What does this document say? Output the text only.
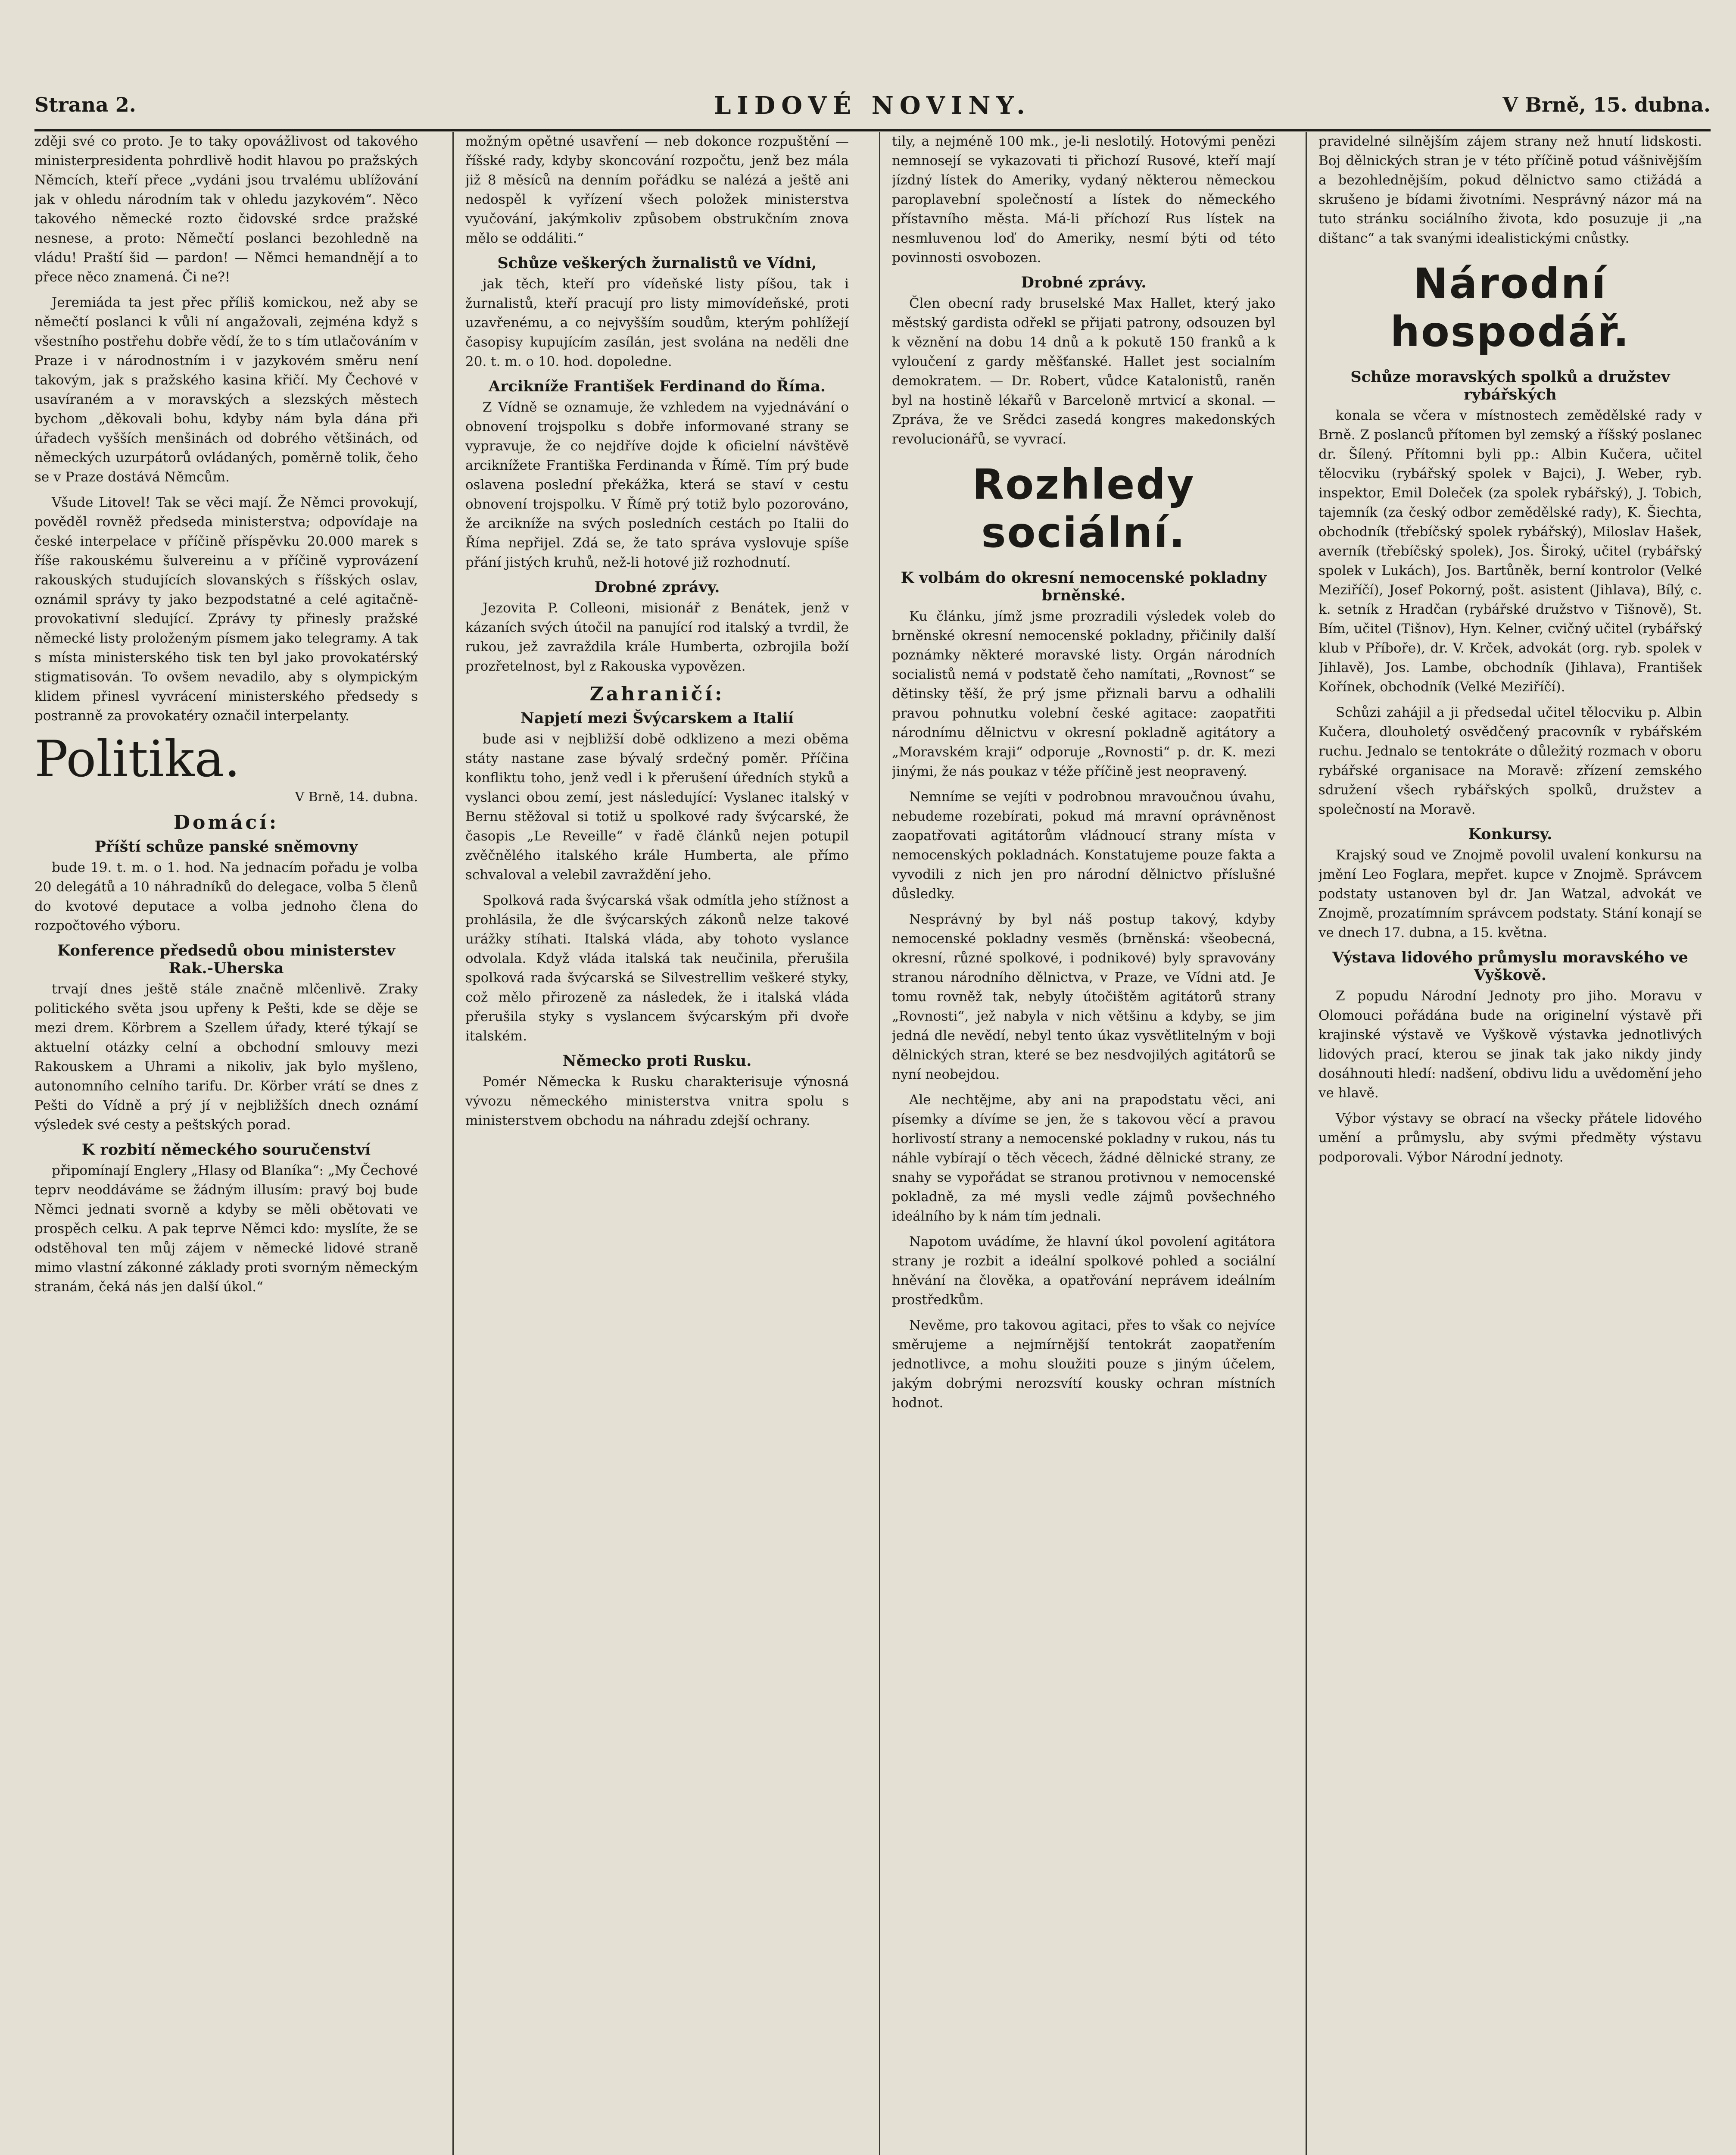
Strana 2.	LIDOVÉ NOVINY.	V Brně, 15. dubna.

zději své co proto. Je to taky opovážlivost od takového ministerpresidenta pohrdlivě hodit hlavou po pražských Němcích, kteří přece „vydáni jsou trvalému ublížování jak v ohledu národním tak v ohledu jazykovém“. Něco takového německé rozto čidovské srdce pražské nesnese, a proto: Němečtí poslanci bezohledně na vládu! Praští šid — pardon! — Němci hemandnějí a to přece něco znamená. Či ne?!

Jeremiáda ta jest přec příliš komickou, než aby se němečtí poslanci k vůli ní angažovali, zejména když s všestního postřehu dobře vědí, že to s tím utlačováním v Praze i v národnostním i v jazykovém směru není takovým, jak s pražského kasina křičí. My Čechové v usavíraném a v moravských a slezských městech bychom „děkovali bohu, kdyby nám byla dána při úřadech vyšších menšinách od dobrého většinách, od německých uzurpátorů ovládaných, poměrně tolik, čeho se v Praze dostává Němcům.

Všude Litovel! Tak se věci mají. Že Němci provokují, pověděl rovněž předseda ministerstva; odpovídaje na české interpelace v příčině příspěvku 20.000 marek s říše rakouskému šulvereinu a v příčině vyprovázení rakouských studujících slovanských s říšských oslav, oznámil správy ty jako bezpodstatné a celé agitačně-provokativní sledující. Zprávy ty přinesly pražské německé listy proloženým písmem jako telegramy. A tak s místa ministerského tisk ten byl jako provokatérský stigmatisován. To ovšem nevadilo, aby s olympickým klidem přinesl vyvrácení ministerského předsedy s postranně za provokatéry označil interpelanty.

Politika.
V Brně, 14. dubna.
Domácí:
Příští schůze panské sněmovny

bude 19. t. m. o 1. hod. Na jednacím pořadu je volba 20 delegátů a 10 náhradníků do delegace, volba 5 členů do kvotové deputace a volba jednoho člena do rozpočtového výboru.

Konference předsedů obou ministerstev Rak.-Uherska

trvají dnes ještě stále značně mlčenlivě. Zraky politického světa jsou upřeny k Pešti, kde se děje se mezi drem. Körbrem a Szellem úřady, které týkají se aktuelní otázky celní a obchodní smlouvy mezi Rakouskem a Uhrami a nikoliv, jak bylo myšleno, autonomního celního tarifu. Dr. Körber vrátí se dnes z Pešti do Vídně a prý jí v nejbližších dnech oznámí výsledek své cesty a peštských porad.

K rozbití německého souručenství

připomínají Englery „Hlasy od Blaníka“: „My Čechové teprv neoddáváme se žádným illusím: pravý boj bude Němci jednati svorně a kdyby se měli obětovati ve prospěch celku. A pak teprve Němci kdo: myslíte, že se odstěhoval ten můj zájem v německé lidové straně mimo vlastní zákonné základy proti svorným německým stranám, čeká nás jen další úkol.“

možným opětné usavření — neb dokonce rozpuštění — říšské rady, kdyby skoncování rozpočtu, jenž bez mála již 8 měsíců na denním pořádku se nalézá a ještě ani nedospěl k vyřízení všech položek ministerstva vyučování, jakýmkoliv způsobem obstrukčním znova mělo se oddáliti.“

Schůze veškerých žurnalistů ve Vídni,

jak těch, kteří pro vídeňské listy píšou, tak i žurnalistů, kteří pracují pro listy mimovídeňské, proti uzavřenému, a co nejvyšším soudům, kterým pohlížejí časopisy kupujícím zasílán, jest svolána na neděli dne 20. t. m. o 10. hod. dopoledne.

Arcikníže František Ferdinand do Říma.

Z Vídně se oznamuje, že vzhledem na vyjednávání o obnovení trojspolku s dobře informované strany se vypravuje, že co nejdříve dojde k oficielní návštěvě arciknížete Františka Ferdinanda v Římě. Tím prý bude oslavena poslední překážka, která se staví v cestu obnovení trojspolku. V Římě prý totiž bylo pozorováno, že arcikníže na svých posledních cestách po Italii do Říma nepřijel. Zdá se, že tato správa vyslovuje spíše přání jistých kruhů, než-li hotové již rozhodnutí.

Drobné zprávy.

Jezovita P. Colleoni, misionář z Benátek, jenž v kázaních svých útočil na panující rod italský a tvrdil, že rukou, jež zavraždila krále Humberta, ozbrojila boží prozřetelnost, byl z Rakouska vypovězen.

Zahraničí:
Napjetí mezi Švýcarskem a Italií

bude asi v nejbližší době odklizeno a mezi oběma státy nastane zase bývalý srdečný poměr. Příčina konfliktu toho, jenž vedl i k přerušení úředních styků a vyslanci obou zemí, jest následující: Vyslanec italský v Bernu stěžoval si totiž u spolkové rady švýcarské, že časopis „Le Reveille“ v řadě článků nejen potupil zvěčnělého italského krále Humberta, ale přímo schvaloval a velebil zavraždění jeho.

Spolková rada švýcarská však odmítla jeho stížnost a prohlásila, že dle švýcarských zákonů nelze takové urážky stíhati. Italská vláda, aby tohoto vyslance odvolala. Když vláda italská tak neučinila, přerušila spolková rada švýcarská se Silvestrellim veškeré styky, což mělo přirozeně za následek, že i italská vláda přerušila styky s vyslancem švýcarským při dvoře italském.

Německo proti Rusku.

Pomér Německa k Rusku charakterisuje výnosná vývozu německého ministerstva vnitra spolu s ministerstvem obchodu na náhradu zdejší ochrany.

tily, a nejméně 100 mk., je-li neslotilý. Hotovými penězi nemnosejí se vykazovati ti přichozí Rusové, kteří mají jízdný lístek do Ameriky, vydaný některou německou paroplavební společností a lístek do německého přístavního města. Má-li příchozí Rus lístek na nesmluvenou loď do Ameriky, nesmí býti od této povinnosti osvobozen.

Drobné zprávy.

Člen obecní rady bruselské Max Hallet, který jako městský gardista odřekl se přijati patrony, odsouzen byl k věznění na dobu 14 dnů a k pokutě 150 franků a k vyloučení z gardy měšťanské. Hallet jest socialním demokratem. — Dr. Robert, vůdce Katalonistů, raněn byl na hostině lékařů v Barceloně mrtvicí a skonal. — Zpráva, že ve Srědci zasedá kongres makedonských revolucionářů, se vyvrací.

Rozhledy sociální.
K volbám do okresní nemocenské pokladny brněnské.

Ku článku, jímž jsme prozradili výsledek voleb do brněnské okresní nemocenské pokladny, přičinily další poznámky některé moravské listy. Orgán národních socialistů nemá v podstatě čeho namítati, „Rovnost“ se dětinsky těší, že prý jsme přiznali barvu a odhalili pravou pohnutku volební české agitace: zaopatřiti národnímu dělnictvu v okresní pokladně agitátory a „Moravském kraji“ odporuje „Rovnosti“ p. dr. K. mezi jinými, že nás poukaz v téže příčině jest neopravený.

Nemníme se vejíti v podrobnou mravoučnou úvahu, nebudeme rozebírati, pokud má mravní oprávněnost zaopatřovati agitátorům vládnoucí strany místa v nemocenských pokladnách. Konstatujeme pouze fakta a vyvodili z nich jen pro národní dělnictvo příslušné důsledky.

Nesprávný by byl náš postup takový, kdyby nemocenské pokladny vesměs (brněnská: všeobecná, okresní, různé spolkové, i podnikové) byly spravovány stranou národního dělnictva, v Praze, ve Vídni atd. Je tomu rovněž tak, nebyly útočištěm agitátorů strany „Rovnosti“, jež nabyla v nich většinu a kdyby, se jim jedná dle nevědí, nebyl tento úkaz vysvětlitelným v boji dělnických stran, které se bez nesdvojilých agitátorů se nyní neobejdou.

Ale nechtějme, aby ani na prapodstatu věci, ani písemky a dívíme se jen, že s takovou věcí a pravou horlivostí strany a nemocenské pokladny v rukou, nás tu náhle vybírají o těch věcech, žádné dělnické strany, ze snahy se vypořádat se stranou protivnou v nemocenské pokladně, za mé mysli vedle zájmů povšechného ideálního by k nám tím jednali.

Napotom uvádíme, že hlavní úkol povolení agitátora strany je rozbit a ideální spolkové pohled a sociální hněvání na člověka, a opatřování neprávem ideálním prostředkům.

Nevěme, pro takovou agitaci, přes to však co nejvíce směrujeme a nejmírnější tentokrát zaopatřením jednotlivce, a mohu sloužiti pouze s jiným účelem, jakým dobrými nerozsvítí kousky ochran místních hodnot.

pravidelné silnějším zájem strany než hnutí lidskosti. Boj dělnických stran je v této příčině potud vášnivějším a bezohlednějším, pokud dělnictvo samo ctižádá a skrušeno je bídami životními. Nesprávný názor má na tuto stránku sociálního života, kdo posuzuje ji „na dištanc“ a tak svanými idealistickými cnůstky.

Národní hospodář.
Schůze moravských spolků a družstev rybářských

konala se včera v místnostech zemědělské rady v Brně. Z poslanců přítomen byl zemský a říšský poslanec dr. Šílený. Přítomni byli pp.: Albin Kučera, učitel tělocviku (rybářský spolek v Bajci), J. Weber, ryb. inspektor, Emil Doleček (za spolek rybářský), J. Tobich, tajemník (za český odbor zemědělské rady), K. Šiechta, obchodník (třebíčský spolek rybářský), Miloslav Hašek, averník (třebíčský spolek), Jos. Široký, učitel (rybářský spolek v Lukách), Jos. Bartůněk, berní kontrolor (Velké Meziříčí), Josef Pokorný, pošt. asistent (Jihlava), Bílý, c. k. setník z Hradčan (rybářské družstvo v Tišnově), St. Bím, učitel (Tišnov), Hyn. Kelner, cvičný učitel (rybářský klub v Příboře), dr. V. Krček, advokát (org. ryb. spolek v Jihlavě), Jos. Lambe, obchodník (Jihlava), František Kořínek, obchodník (Velké Meziříčí).

Schůzi zahájil a ji předsedal učitel tělocviku p. Albin Kučera, dlouholetý osvědčený pracovník v rybářském ruchu. Jednalo se tentokráte o důležitý rozmach v oboru rybářské organisace na Moravě: zřízení zemského sdružení všech rybářských spolků, družstev a společností na Moravě.

Konkursy.

Krajský soud ve Znojmě povolil uvalení konkursu na jmění Leo Foglara, mepřet. kupce v Znojmě. Správcem podstaty ustanoven byl dr. Jan Watzal, advokát ve Znojmě, prozatímním správcem podstaty. Stání konají se ve dnech 17. dubna, a 15. května.

Výstava lidového průmyslu moravského ve Vyškově.

Z popudu Národní Jednoty pro jiho. Moravu v Olomouci pořádána bude na originelní výstavě při krajinské výstavě ve Vyškově výstavka jednotlivých lidových prací, kterou se jinak tak jako nikdy jindy dosáhnouti hledí: nadšení, obdivu lidu a uvědomění jeho ve hlavě.

Výbor výstavy se obrací na všecky přátele lidového umění a průmyslu, aby svými předměty výstavu podporovali. Výbor Národní jednoty.
